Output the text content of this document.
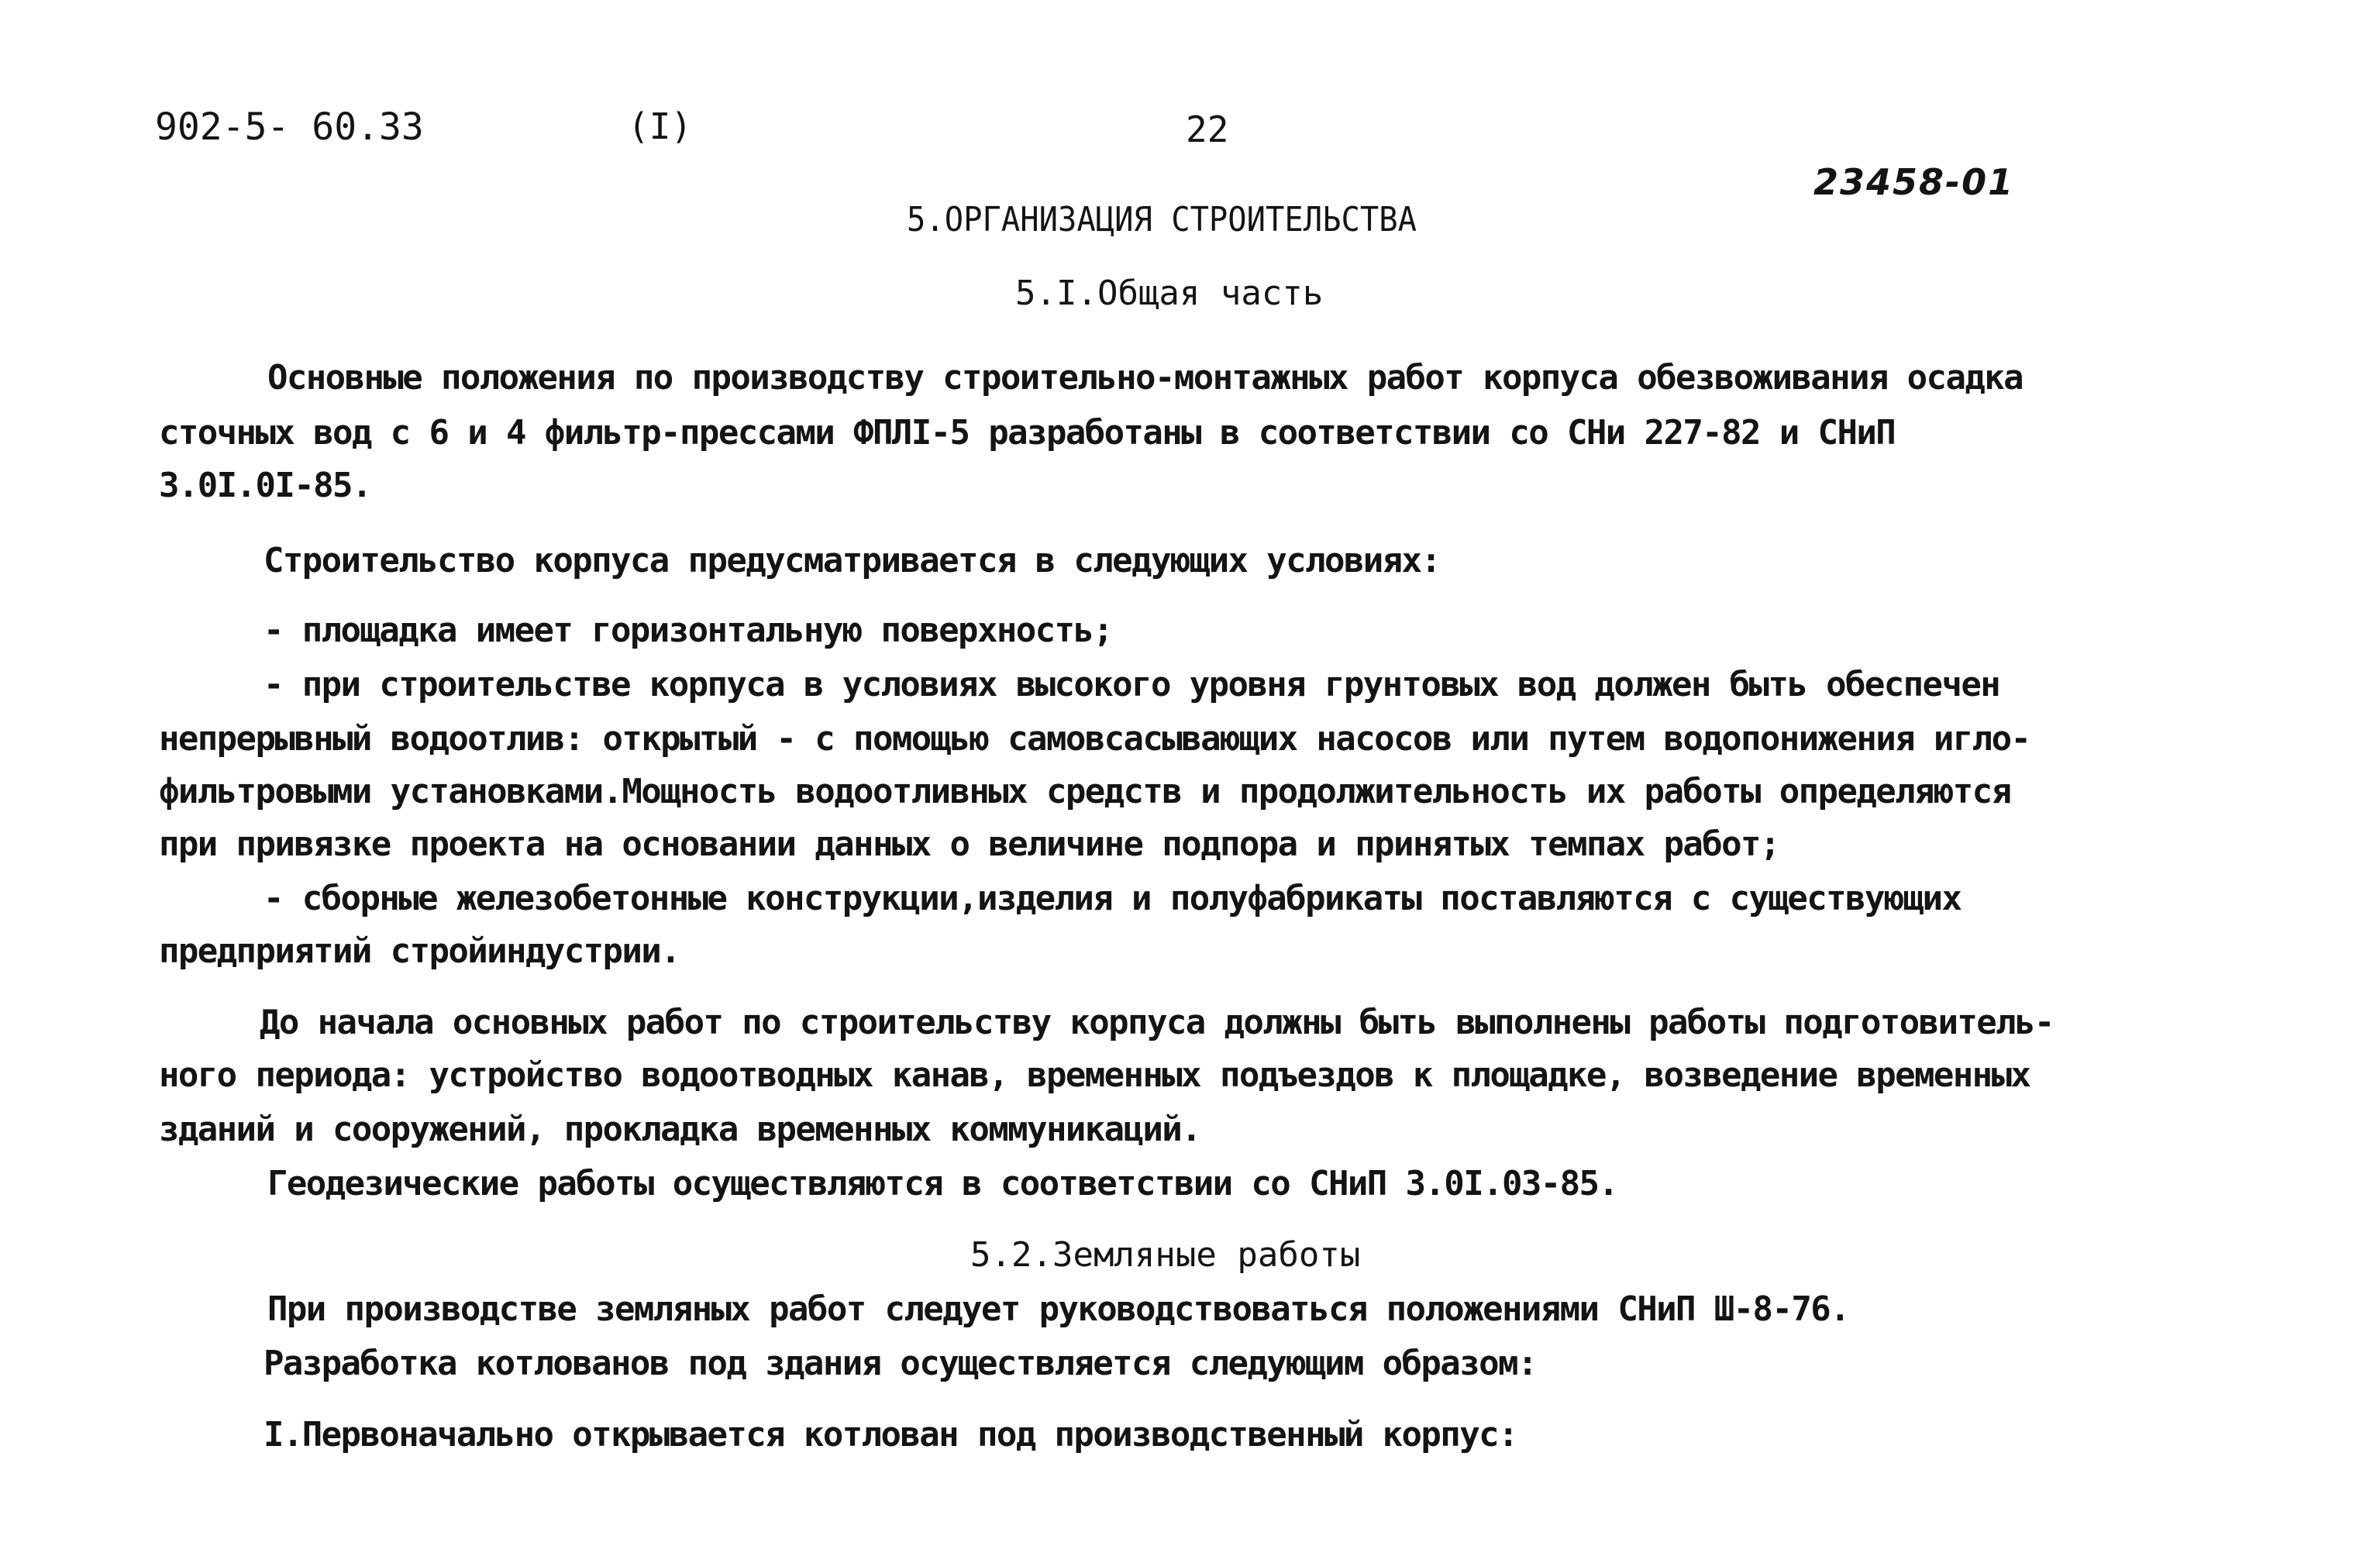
902-5- 60.33	(I)	22
23458-01
5.ОРГАНИЗАЦИЯ СТРОИТЕЛЬСТВА
5.I.Общая часть
Основные положения по производству строительно-монтажных работ корпуса обезвоживания осадка
сточных вод с 6 и 4 фильтр-прессами ФПЛI-5 разработаны в соответствии со СНи 227-82 и СНиП
3.0I.0I-85.
Строительство корпуса предусматривается в следующих условиях:
- площадка имеет горизонтальную поверхность;
- при строительстве корпуса в условиях высокого уровня грунтовых вод должен быть обеспечен
непрерывный водоотлив: открытый - с помощью самовсасывающих насосов или путем водопонижения игло-
фильтровыми установками.Мощность водоотливных средств и продолжительность их работы определяются
при привязке проекта на основании данных о величине подпора и принятых темпах работ;
- сборные железобетонные конструкции,изделия и полуфабрикаты поставляются с существующих
предприятий стройиндустрии.
До начала основных работ по строительству корпуса должны быть выполнены работы подготовитель-
ного периода: устройство водоотводных канав, временных подъездов к площадке, возведение временных
зданий и сооружений, прокладка временных коммуникаций.
Геодезические работы осуществляются в соответствии со СНиП 3.0I.03-85.
5.2.Земляные работы
При производстве земляных работ следует руководствоваться положениями СНиП Ш-8-76.
Разработка котлованов под здания осуществляется следующим образом:
I.Первоначально открывается котлован под производственный корпус:
